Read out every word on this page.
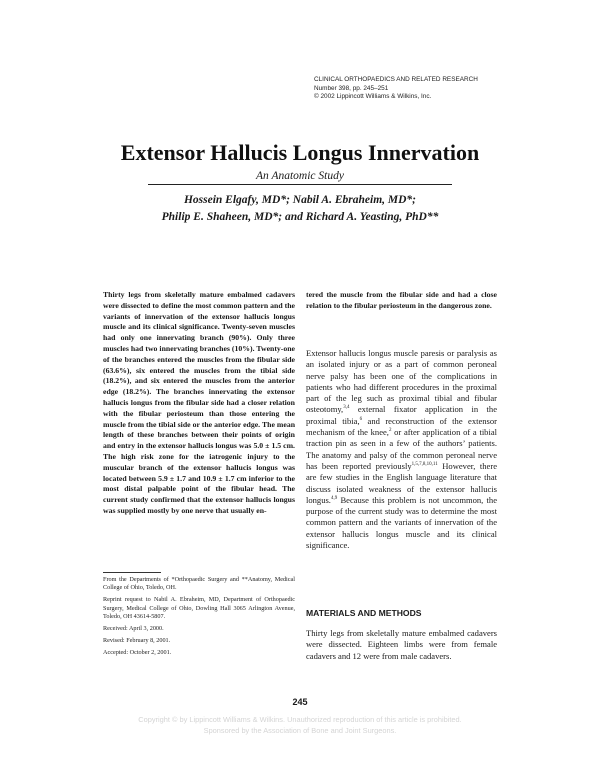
CLINICAL ORTHOPAEDICS AND RELATED RESEARCH
Number 398, pp. 245–251
© 2002 Lippincott Williams & Wilkins, Inc.
Extensor Hallucis Longus Innervation
An Anatomic Study
Hossein Elgafy, MD*; Nabil A. Ebraheim, MD*;
Philip E. Shaheen, MD*; and Richard A. Yeasting, PhD**

Thirty legs from skeletally mature embalmed cadavers were dissected to define the most common pattern and the variants of innervation of the extensor hallucis longus muscle and its clinical significance. Twenty-seven muscles had only one innervating branch (90%). Only three muscles had two innervating branches (10%). Twenty-one of the branches entered the muscles from the fibular side (63.6%), six entered the muscles from the tibial side (18.2%), and six entered the muscles from the anterior edge (18.2%). The branches innervating the extensor hallucis longus from the fibular side had a closer relation with the fibular periosteum than those entering the muscle from the tibial side or the anterior edge. The mean length of these branches between their points of origin and entry in the extensor hallucis longus was 5.0 ± 1.5 cm. The high risk zone for the iatrogenic injury to the muscular branch of the extensor hallucis longus was located between 5.9 ± 1.7 and 10.9 ± 1.7 cm inferior to the most distal palpable point of the fibular head. The current study confirmed that the extensor hallucis longus was supplied mostly by one nerve that usually en-

tered the muscle from the fibular side and had a close relation to the fibular periosteum in the dangerous zone.

Extensor hallucis longus muscle paresis or paralysis as an isolated injury or as a part of common peroneal nerve palsy has been one of the complications in patients who had different procedures in the proximal part of the leg such as proximal tibial and fibular osteotomy,$^{3,4}$ external fixator application in the proximal tibia,$^6$ and reconstruction of the extensor mechanism of the knee,$^2$ or after application of a tibial traction pin as seen in a few of the authors’ patients. The anatomy and palsy of the common peroneal nerve has been reported previously$^{1,5,7,8,10,11}$ However, there are few studies in the English language literature that discuss isolated weakness of the extensor hallucis longus.$^{4,9}$ Because this problem is not uncommon, the purpose of the current study was to determine the most common pattern and the variants of innervation of the extensor hallucis longus muscle and its clinical significance.

MATERIALS AND METHODS

Thirty legs from skeletally mature embalmed cadavers were dissected. Eighteen limbs were from female cadavers and 12 were from male cadavers.

From the Departments of *Orthopaedic Surgery and **Anatomy, Medical College of Ohio, Toledo, OH.

Reprint request to Nabil A. Ebraheim, MD, Department of Orthopaedic Surgery, Medical College of Ohio, Dowling Hall 3065 Arlington Avenue, Toledo, OH 43614-5807.

Received: April 3, 2000.

Revised: February 8, 2001.

Accepted: October 2, 2001.

245
Copyright © by Lippincott Williams & Wilkins. Unauthorized reproduction of this article is prohibited.
Sponsored by the Association of Bone and Joint Surgeons.
